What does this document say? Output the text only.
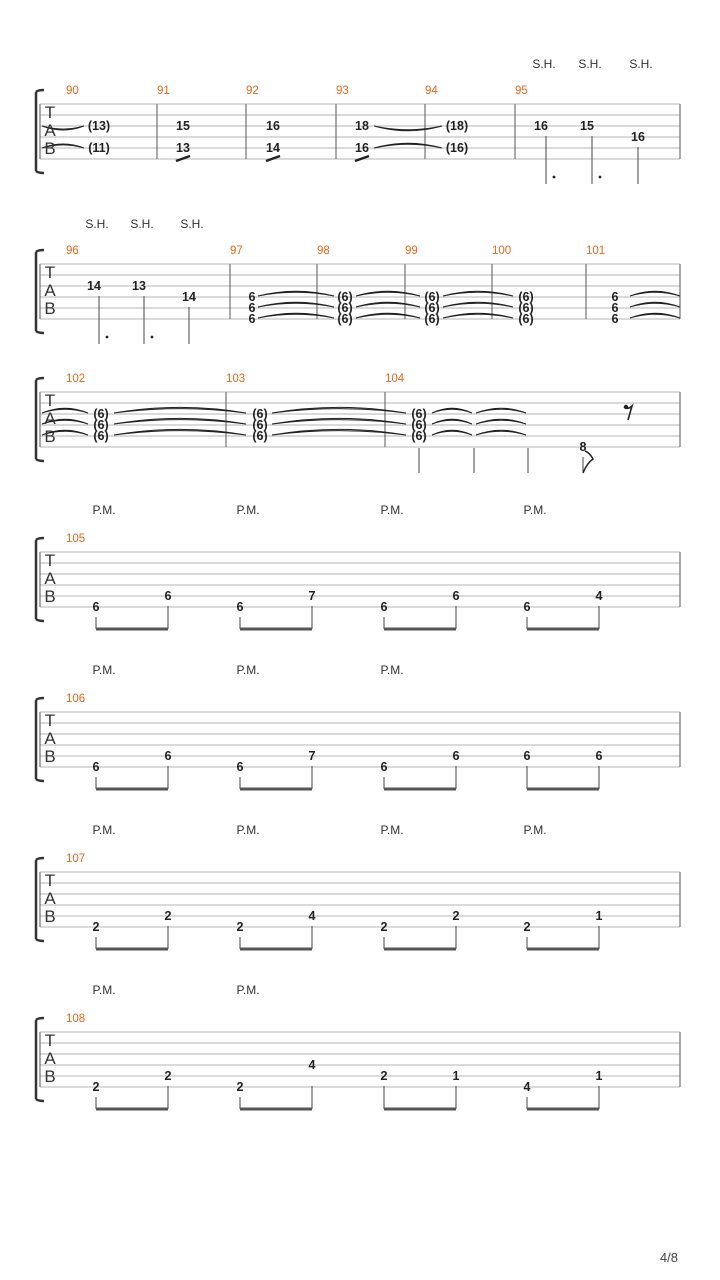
T
A
B
90	91	92	93	94	95
(13)
(11)
15
13
16
14
18
16
(18)
(16)
16	15
16
S.H. S.H. S.H.
T
A
B
96	97	98	99	100	101
14 13
14
S.H. S.H. S.H.
6
6
6
(6)
(6)
(6)
(6)
(6)
(6)
(6)
(6)
(6)
6
6
6
T
A
B
102	103	104
(6)
(6)
(6)
(6)
(6)
(6)
(6)
(6)
(6)
8
T
A
B
105
6
6
6
7
6
6
6
4
P.M.	P.M.	P.M.	P.M.
T
A
B
106
6
6
6
7
6
6	6	6
P.M.	P.M.	P.M.
T
A
B
107
2
2
2
4
2
2
2
1
P.M.	P.M.	P.M.	P.M.
T
A
B
108
2
2
2
4
2	1
4
1
P.M.	P.M.
4/8
